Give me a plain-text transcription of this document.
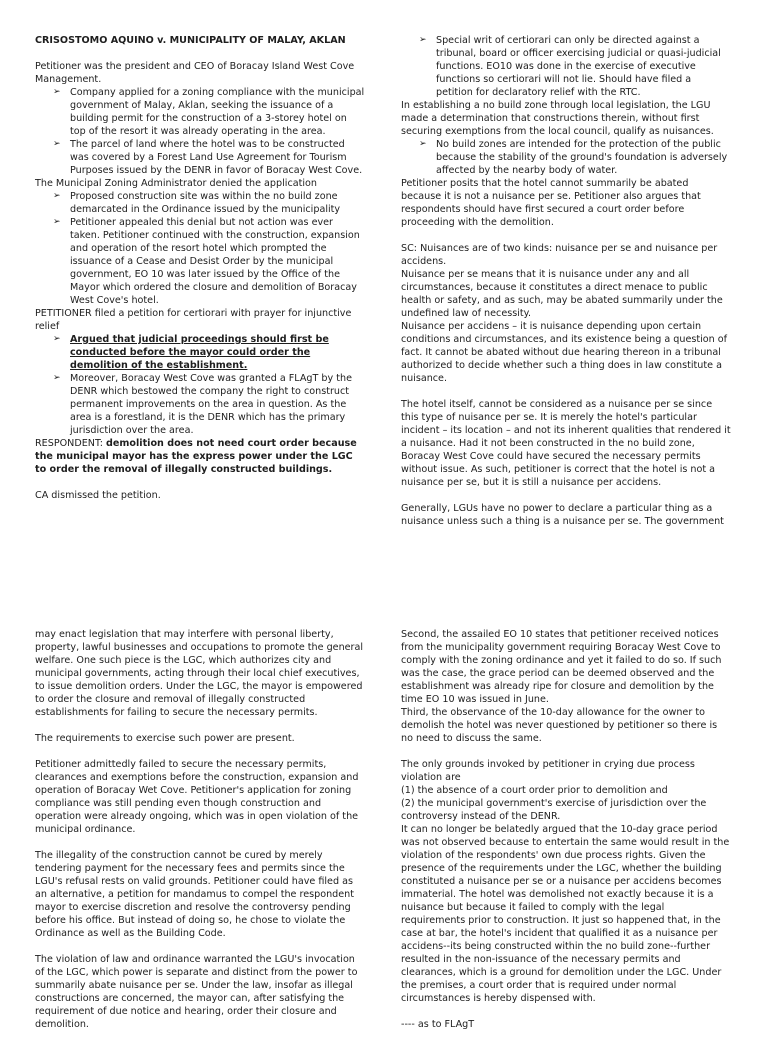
CRISOSTOMO AQUINO v. MUNICIPALITY OF MALAY, AKLAN

Petitioner was the president and CEO of Boracay Island West Cove Management.

➢ Company applied for a zoning compliance with the municipal government of Malay, Aklan, seeking the issuance of a building permit for the construction of a 3-storey hotel on top of the resort it was already operating in the area.
➢ The parcel of land where the hotel was to be constructed was covered by a Forest Land Use Agreement for Tourism Purposes issued by the DENR in favor of Boracay West Cove.

The Municipal Zoning Administrator denied the application

➢ Proposed construction site was within the no build zone demarcated in the Ordinance issued by the municipality
➢ Petitioner appealed this denial but not action was ever taken. Petitioner continued with the construction, expansion and operation of the resort hotel which prompted the issuance of a Cease and Desist Order by the municipal government, EO 10 was later issued by the Office of the Mayor which ordered the closure and demolition of Boracay West Cove's hotel.

PETITIONER filed a petition for certiorari with prayer for injunctive relief

➢ Argued that judicial proceedings should first be conducted before the mayor could order the demolition of the establishment.
➢ Moreover, Boracay West Cove was granted a FLAgT by the DENR which bestowed the company the right to construct permanent improvements on the area in question. As the area is a forestland, it is the DENR which has the primary jurisdiction over the area.

RESPONDENT: demolition does not need court order because the municipal mayor has the express power under the LGC to order the removal of illegally constructed buildings.

CA dismissed the petition.

➢ Special writ of certiorari can only be directed against a tribunal, board or officer exercising judicial or quasi-judicial functions. EO10 was done in the exercise of executive functions so certiorari will not lie. Should have filed a petition for declaratory relief with the RTC.

In establishing a no build zone through local legislation, the LGU made a determination that constructions therein, without first securing exemptions from the local council, qualify as nuisances.

➢ No build zones are intended for the protection of the public because the stability of the ground's foundation is adversely affected by the nearby body of water.

Petitioner posits that the hotel cannot summarily be abated because it is not a nuisance per se. Petitioner also argues that respondents should have first secured a court order before proceeding with the demolition.

SC: Nuisances are of two kinds: nuisance per se and nuisance per accidens.

Nuisance per se means that it is nuisance under any and all circumstances, because it constitutes a direct menace to public health or safety, and as such, may be abated summarily under the undefined law of necessity.

Nuisance per accidens – it is nuisance depending upon certain conditions and circumstances, and its existence being a question of fact. It cannot be abated without due hearing thereon in a tribunal authorized to decide whether such a thing does in law constitute a nuisance.

The hotel itself, cannot be considered as a nuisance per se since this type of nuisance per se. It is merely the hotel's particular incident – its location – and not its inherent qualities that rendered it a nuisance. Had it not been constructed in the no build zone, Boracay West Cove could have secured the necessary permits without issue. As such, petitioner is correct that the hotel is not a nuisance per se, but it is still a nuisance per accidens.

Generally, LGUs have no power to declare a particular thing as a nuisance unless such a thing is a nuisance per se. The government

may enact legislation that may interfere with personal liberty, property, lawful businesses and occupations to promote the general welfare. One such piece is the LGC, which authorizes city and municipal governments, acting through their local chief executives, to issue demolition orders. Under the LGC, the mayor is empowered to order the closure and removal of illegally constructed establishments for failing to secure the necessary permits.

The requirements to exercise such power are present.

Petitioner admittedly failed to secure the necessary permits, clearances and exemptions before the construction, expansion and operation of Boracay Wet Cove. Petitioner's application for zoning compliance was still pending even though construction and operation were already ongoing, which was in open violation of the municipal ordinance.

The illegality of the construction cannot be cured by merely tendering payment for the necessary fees and permits since the LGU's refusal rests on valid grounds. Petitioner could have filed as an alternative, a petition for mandamus to compel the respondent mayor to exercise discretion and resolve the controversy pending before his office. But instead of doing so, he chose to violate the Ordinance as well as the Building Code.

The violation of law and ordinance warranted the LGU's invocation of the LGC, which power is separate and distinct from the power to summarily abate nuisance per se. Under the law, insofar as illegal constructions are concerned, the mayor can, after satisfying the requirement of due notice and hearing, order their closure and demolition.

Second, the assailed EO 10 states that petitioner received notices from the municipality government requiring Boracay West Cove to comply with the zoning ordinance and yet it failed to do so. If such was the case, the grace period can be deemed observed and the establishment was already ripe for closure and demolition by the time EO 10 was issued in June.

Third, the observance of the 10-day allowance for the owner to demolish the hotel was never questioned by petitioner so there is no need to discuss the same.

The only grounds invoked by petitioner in crying due process violation are

(1) the absence of a court order prior to demolition and

(2) the municipal government's exercise of jurisdiction over the controversy instead of the DENR.

It can no longer be belatedly argued that the 10-day grace period was not observed because to entertain the same would result in the violation of the respondents' own due process rights. Given the presence of the requirements under the LGC, whether the building constituted a nuisance per se or a nuisance per accidens becomes immaterial. The hotel was demolished not exactly because it is a nuisance but because it failed to comply with the legal requirements prior to construction. It just so happened that, in the case at bar, the hotel's incident that qualified it as a nuisance per accidens--its being constructed within the no build zone--further resulted in the non-issuance of the necessary permits and clearances, which is a ground for demolition under the LGC. Under the premises, a court order that is required under normal circumstances is hereby dispensed with.

---- as to FLAgT
